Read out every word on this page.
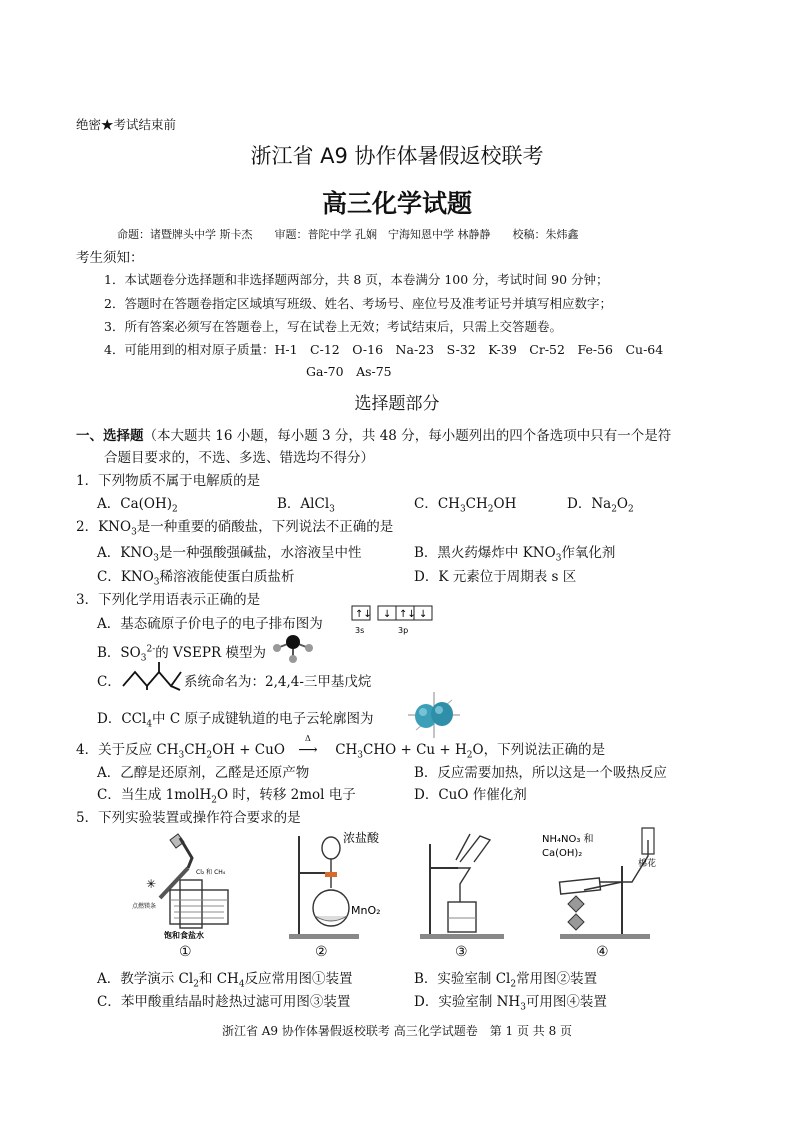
绝密★考试结束前
浙江省 A9 协作体暑假返校联考
高三化学试题
命题：诸暨牌头中学 斯卡杰　　审题：普陀中学 孔娴　宁海知恩中学 林静静　　校稿：朱炜鑫
考生须知：
1．本试题卷分选择题和非选择题两部分，共 8 页，本卷满分 100 分，考试时间 90 分钟；
2．答题时在答题卷指定区域填写班级、姓名、考场号、座位号及准考证号并填写相应数字；
3．所有答案必须写在答题卷上，写在试卷上无效；考试结束后，只需上交答题卷。
4．可能用到的相对原子质量：H-1　C-12　O-16　Na-23　S-32　K-39　Cr-52　Fe-56　Cu-64
Ga-70　As-75
选择题部分
一、选择题（本大题共 16 小题，每小题 3 分，共 48 分，每小题列出的四个备选项中只有一个是符
合题目要求的，不选、多选、错选均不得分）
1．下列物质不属于电解质的是
A．$Ca(OH)_2$	B．AlCl$_3$	C．$CH_3CH_2OH$	D．$Na_2O_2$
2．$KNO_3$是一种重要的硝酸盐，下列说法不正确的是
A．$KNO_3$是一种强酸强碱盐，水溶液呈中性	B．黑火药爆炸中 $KNO_3$作氧化剂
C．$KNO_3$稀溶液能使蛋白质盐析	D．K 元素位于周期表 s 区
3．下列化学用语表示正确的是
A．基态硫原子价电子的电子排布图为
↑↓ ↓ ↑↓ ↓
3s	3p
B．$SO_3^{2-}$的 VSEPR 模型为
C．	系统命名为：2,4,4-三甲基戊烷
D．CCl$_4$中 C 原子成键轨道的电子云轮廓图为
4．关于反应 $CH_3CH_2OH$ + CuO
Δ
⟶ $CH_3CHO + Cu + H_2O$，下列说法正确的是
A．乙醇是还原剂，乙醛是还原产物	B．反应需要加热，所以这是一个吸热反应
C．当生成 1molH$_2$O 时，转移 2mol 电子	D．CuO 作催化剂
5．下列实验装置或操作符合要求的是
✳
Cl₂ 和 CH₄
点燃镁条
饱和食盐水
①
浓盐酸
MnO₂
②	③
NH₄NO₃ 和
Ca(OH)₂
棉花
④
A．教学演示 $Cl_2$和 $CH_4$反应常用图①装置	B．实验室制 $Cl_2$常用图②装置
C．苯甲酸重结晶时趁热过滤可用图③装置	D．实验室制 $NH_3$可用图④装置
浙江省 A9 协作体暑假返校联考 高三化学试题卷　第 1 页 共 8 页
